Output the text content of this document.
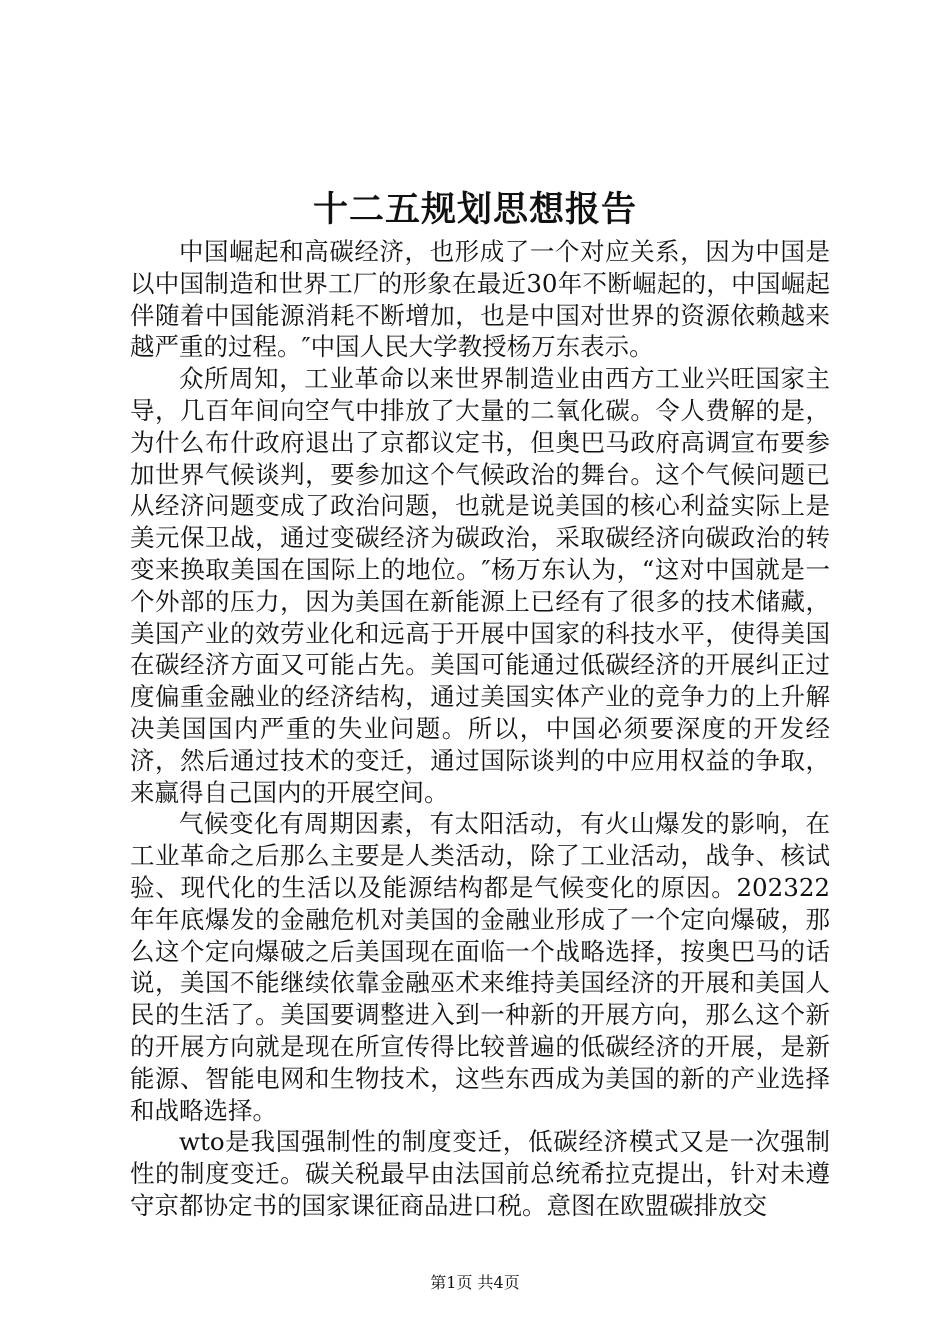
十二五规划思想报告

中国崛起和高碳经济，也形成了一个对应关系，因为中国是以中国制造和世界工厂的形象在最近30年不断崛起的，中国崛起伴随着中国能源消耗不断增加，也是中国对世界的资源依赖越来越严重的过程。″中国人民大学教授杨万东表示。

众所周知，工业革命以来世界制造业由西方工业兴旺国家主导，几百年间向空气中排放了大量的二氧化碳。令人费解的是，为什么布什政府退出了京都议定书，但奥巴马政府高调宣布要参加世界气候谈判，要参加这个气候政治的舞台。这个气候问题已从经济问题变成了政治问题，也就是说美国的核心利益实际上是美元保卫战，通过变碳经济为碳政治，采取碳经济向碳政治的转变来换取美国在国际上的地位。″杨万东认为，“这对中国就是一个外部的压力，因为美国在新能源上已经有了很多的技术储藏，美国产业的效劳业化和远高于开展中国家的科技水平，使得美国在碳经济方面又可能占先。美国可能通过低碳经济的开展纠正过度偏重金融业的经济结构，通过美国实体产业的竞争力的上升解决美国国内严重的失业问题。所以，中国必须要深度的开发经济，然后通过技术的变迁，通过国际谈判的中应用权益的争取，来赢得自己国内的开展空间。

气候变化有周期因素，有太阳活动，有火山爆发的影响，在工业革命之后那么主要是人类活动，除了工业活动，战争、核试验、现代化的生活以及能源结构都是气候变化的原因。202322年年底爆发的金融危机对美国的金融业形成了一个定向爆破，那么这个定向爆破之后美国现在面临一个战略选择，按奥巴马的话说，美国不能继续依靠金融巫术来维持美国经济的开展和美国人民的生活了。美国要调整进入到一种新的开展方向，那么这个新的开展方向就是现在所宣传得比较普遍的低碳经济的开展，是新能源、智能电网和生物技术，这些东西成为美国的新的产业选择和战略选择。

wto是我国强制性的制度变迁，低碳经济模式又是一次强制性的制度变迁。碳关税最早由法国前总统希拉克提出，针对未遵守京都协定书的国家课征商品进口税。意图在欧盟碳排放交

第1页 共4页
